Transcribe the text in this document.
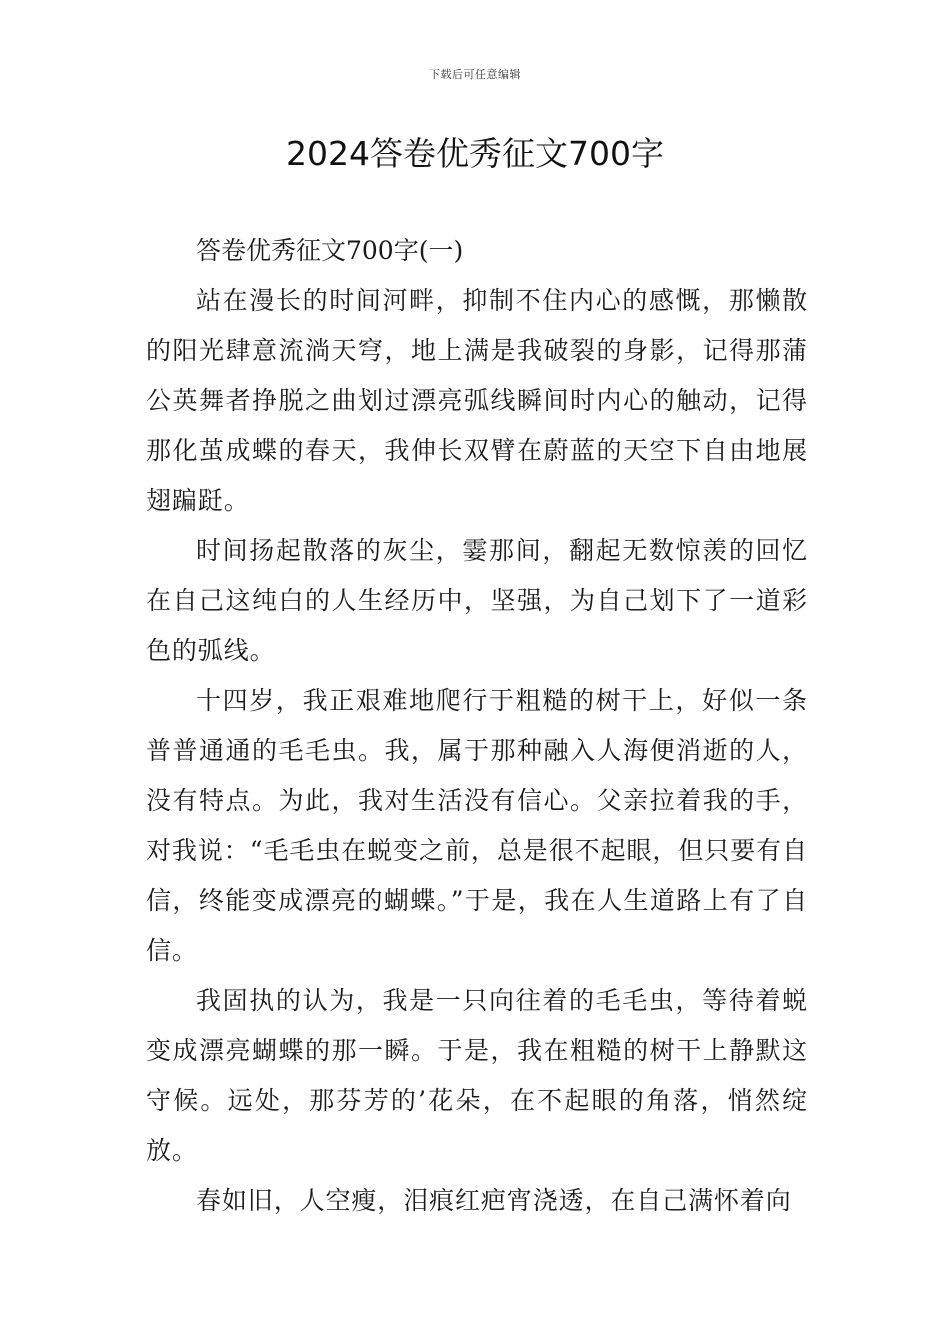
下载后可任意编辑
2024答卷优秀征文700字

答卷优秀征文700字(一)

站在漫长的时间河畔，抑制不住内心的感慨，那懒散的阳光肆意流淌天穹，地上满是我破裂的身影，记得那蒲公英舞者挣脱之曲划过漂亮弧线瞬间时内心的触动，记得那化茧成蝶的春天，我伸长双臂在蔚蓝的天空下自由地展翅蹁跹。

时间扬起散落的灰尘，霎那间，翻起无数惊羡的回忆在自己这纯白的人生经历中，坚强，为自己划下了一道彩色的弧线。

十四岁，我正艰难地爬行于粗糙的树干上，好似一条普普通通的毛毛虫。我，属于那种融入人海便消逝的人，没有特点。为此，我对生活没有信心。父亲拉着我的手，对我说：“毛毛虫在蜕变之前，总是很不起眼，但只要有自信，终能变成漂亮的蝴蝶。”于是，我在人生道路上有了自信。

我固执的认为，我是一只向往着的毛毛虫，等待着蜕变成漂亮蝴蝶的那一瞬。于是，我在粗糙的树干上静默这守候。远处，那芬芳的’花朵，在不起眼的角落，悄然绽放。

春如旧，人空瘦，泪痕红疤宵浇透，在自己满怀着向
